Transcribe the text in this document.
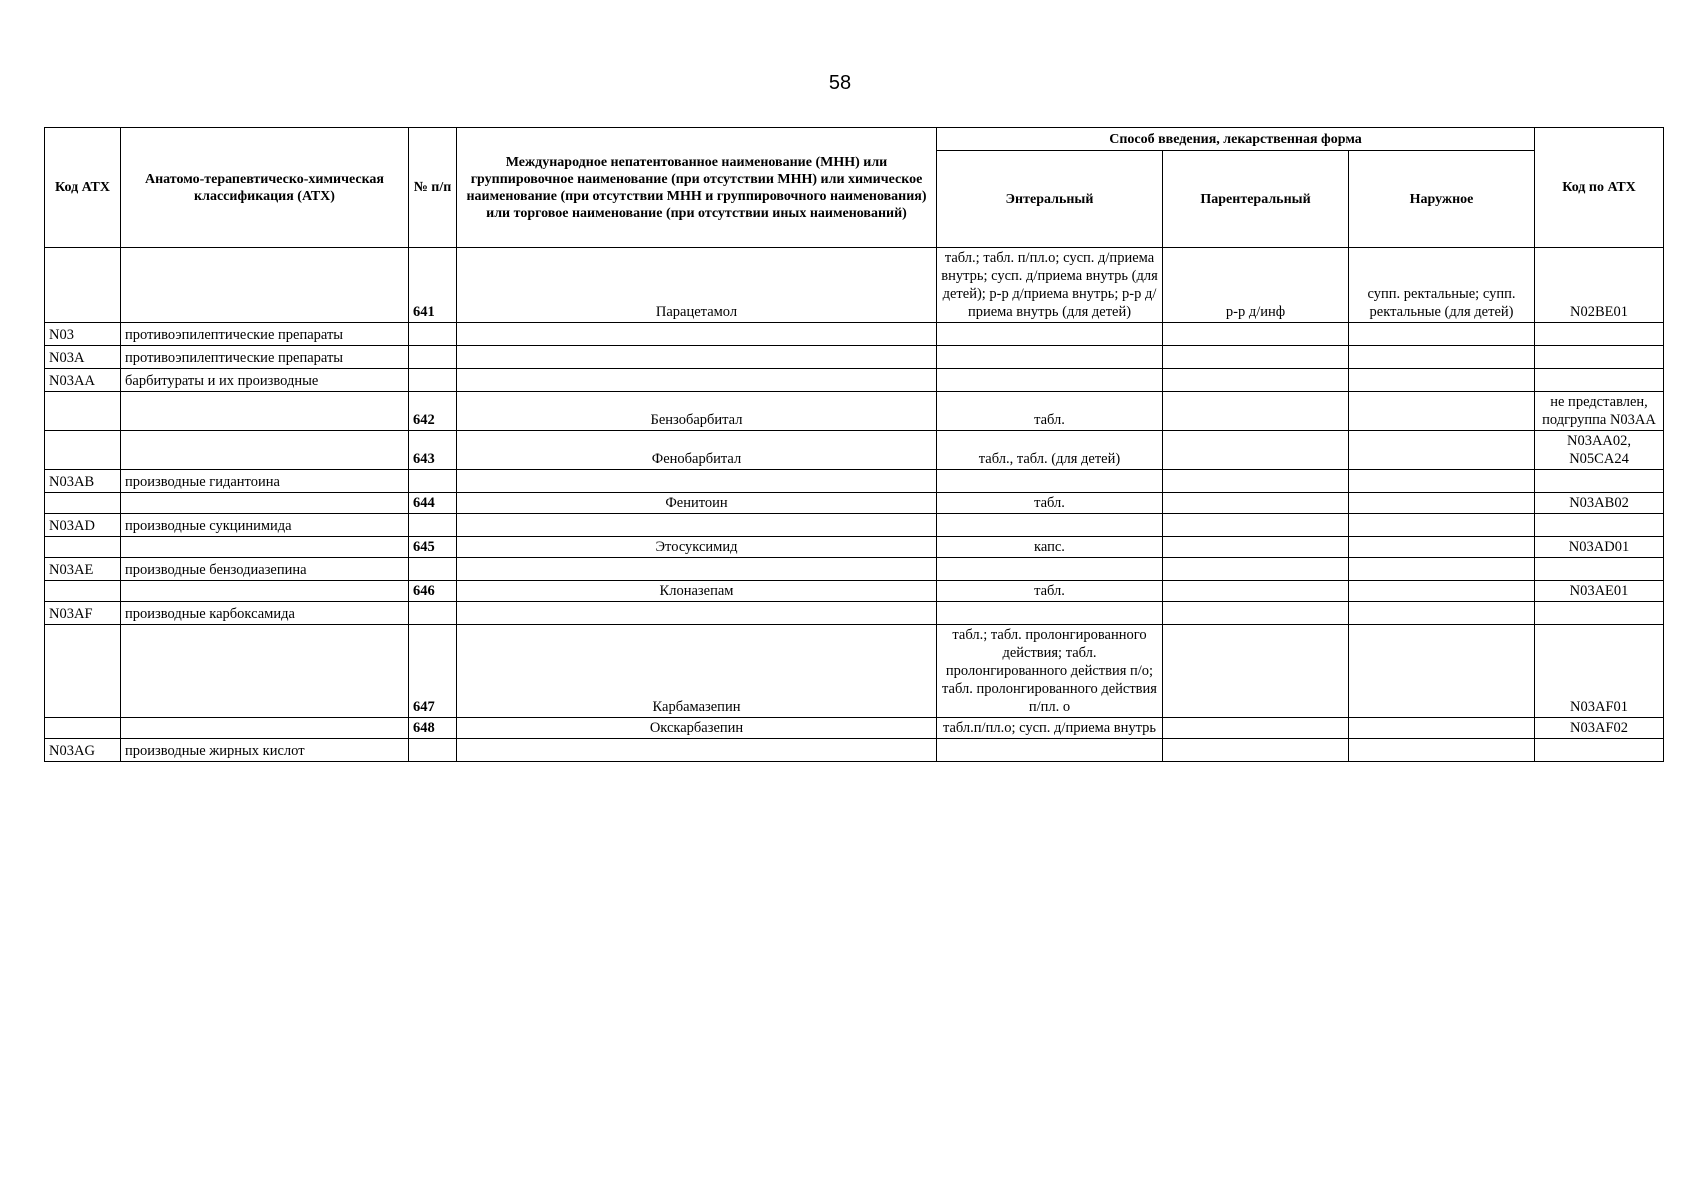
58
Код АТХ	Анатомо-терапевтическо-химическая классификация (АТХ)	№ п/п	Международное непатентованное наименование (МНН) или группировочное наименование (при отсутствии МНН) или химическое наименование (при отсутствии МНН и группировочного наименования) или торговое наименование (при отсутствии иных наименований)	Способ введения, лекарственная форма			Код по АТХ
				Энтеральный	Парентеральный	Наружное	
		641	Парацетамол	табл.; табл. п/пл.о; сусп. д/приема внутрь; сусп. д/приема внутрь (для детей); р-р д/приема внутрь; р-р д/приема внутрь (для детей)	р-р д/инф	супп. ректальные; супп. ректальные (для детей)	N02BE01
N03	противоэпилептические препараты						
N03A	противоэпилептические препараты						
N03AA	барбитураты и их производные						
		642	Бензобарбитал	табл.			не представлен, подгруппа N03AA
		643	Фенобарбитал	табл., табл. (для детей)			N03AA02, N05CA24
N03AB	производные гидантоина						
		644	Фенитоин	табл.			N03AB02
N03AD	производные сукцинимида						
		645	Этосуксимид	капс.			N03AD01
N03AE	производные бензодиазепина						
		646	Клоназепам	табл.			N03AE01
N03AF	производные карбоксамида						
		647	Карбамазепин	табл.; табл. пролонгированного действия; табл. пролонгированного действия п/о; табл. пролонгированного действия п/пл. о			N03AF01
		648	Окскарбазепин	табл.п/пл.о; сусп. д/приема внутрь			N03AF02
N03AG	производные жирных кислот						
